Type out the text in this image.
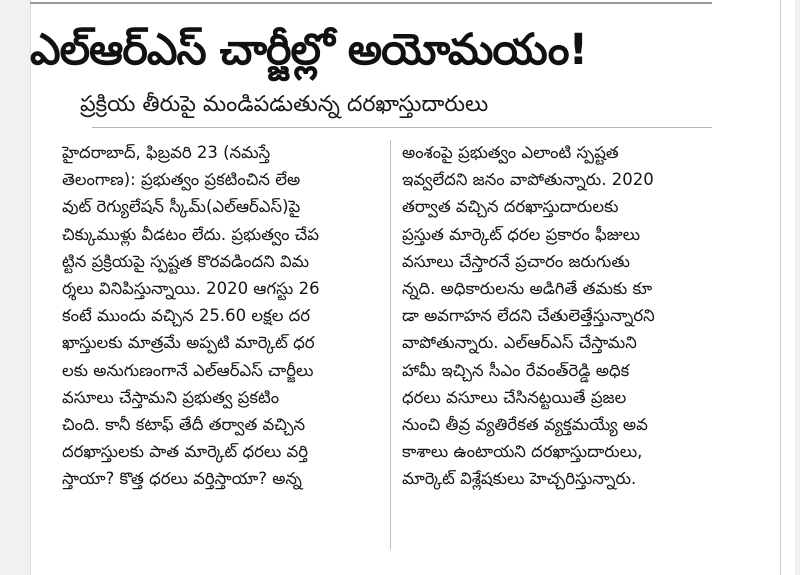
ఎల్‌ఆర్‌ఎస్‌ చార్జీల్లో అయోమయం!
ప్రక్రియ తీరుపై మండిపడుతున్న దరఖాస్తుదారులు
హైదరాబాద్‌, ఫిబ్రవరి 23 (నమస్తే
తెలంగాణ): ప్రభుత్వం ప్రకటించిన లేఅ
వుట్‌ రెగ్యులేషన్‌ స్కీమ్‌(ఎల్‌ఆర్‌ఎస్‌)పై
చిక్కుముళ్లు వీడటం లేదు. ప్రభుత్వం చేప
ట్టిన ప్రక్రియపై స్పష్టత కొరవడిందని విమ
ర్శలు వినిపిస్తున్నాయి. 2020 ఆగస్టు 26
కంటే ముందు వచ్చిన 25.60 లక్షల దర
ఖాస్తులకు మాత్రమే అప్పటి మార్కెట్‌ ధర
లకు అనుగుణంగానే ఎల్‌ఆర్‌ఎస్‌ చార్జీలు
వసూలు చేస్తామని ప్రభుత్వ ప్రకటిం
చింది. కానీ కటాఫ్‌ తేదీ తర్వాత వచ్చిన
దరఖాస్తులకు పాత మార్కెట్‌ ధరలు వర్తి
స్తాయా? కొత్త ధరలు వర్తిస్తాయా? అన్న
అంశంపై ప్రభుత్వం ఎలాంటి స్పష్టత
ఇవ్వలేదని జనం వాపోతున్నారు. 2020
తర్వాత వచ్చిన దరఖాస్తుదారులకు
ప్రస్తుత మార్కెట్‌ ధరల ప్రకారం ఫీజులు
వసూలు చేస్తారనే ప్రచారం జరుగుతు
న్నది. అధికారులను అడిగితే తమకు కూ
డా అవగాహన లేదని చేతులెత్తేస్తున్నారని
వాపోతున్నారు. ఎల్‌ఆర్‌ఎస్‌ చేస్తామని
హామీ ఇచ్చిన సీఎం రేవంత్‌రెడ్డి అధిక
ధరలు వసూలు చేసినట్టయితే ప్రజల
నుంచి తీవ్ర వ్యతిరేకత వ్యక్తమయ్యే అవ
కాశాలు ఉంటాయని దరఖాస్తుదారులు,
మార్కెట్‌ విశ్లేషకులు హెచ్చరిస్తున్నారు.
